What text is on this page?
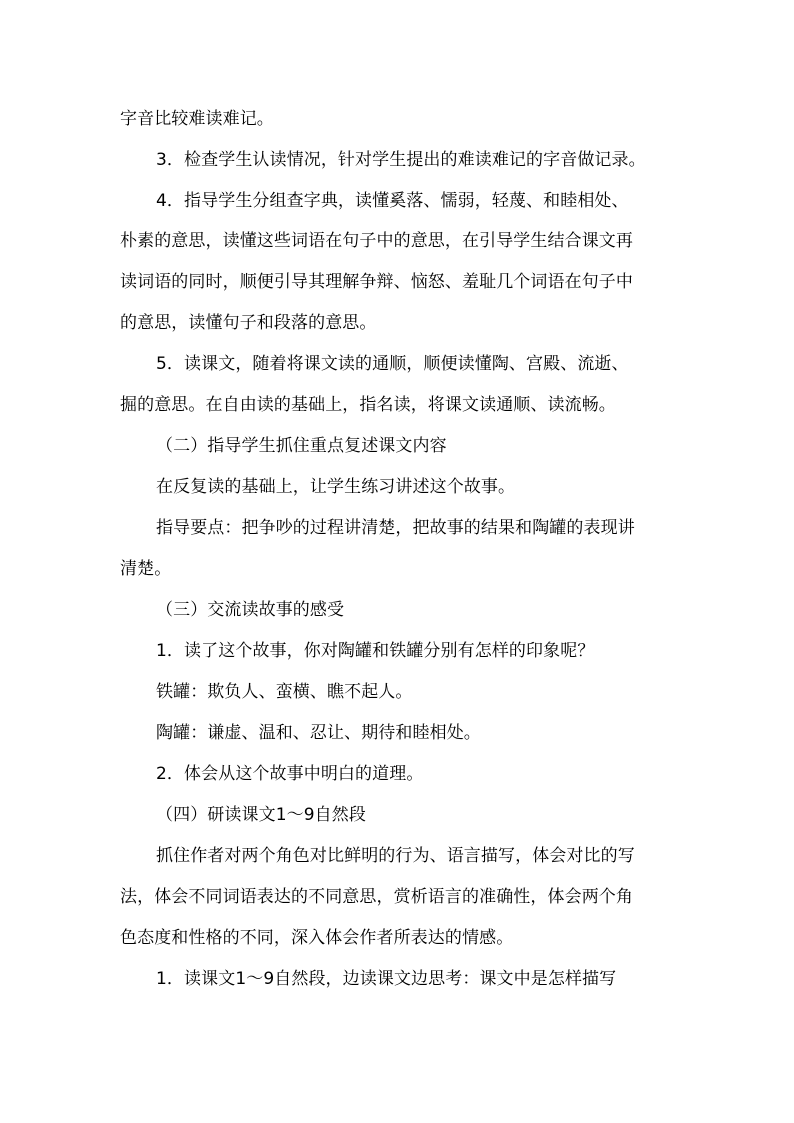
字音比较难读难记。
3．检查学生认读情况，针对学生提出的难读难记的字音做记录。
4．指导学生分组查字典，读懂奚落、懦弱，轻蔑、和睦相处、
朴素的意思，读懂这些词语在句子中的意思，在引导学生结合课文再
读词语的同时，顺便引导其理解争辩、恼怒、羞耻几个词语在句子中
的意思，读懂句子和段落的意思。
5．读课文，随着将课文读的通顺，顺便读懂陶、宫殿、流逝、
掘的意思。在自由读的基础上，指名读，将课文读通顺、读流畅。
（二）指导学生抓住重点复述课文内容
在反复读的基础上，让学生练习讲述这个故事。
指导要点：把争吵的过程讲清楚，把故事的结果和陶罐的表现讲
清楚。
（三）交流读故事的感受
1．读了这个故事，你对陶罐和铁罐分别有怎样的印象呢？
铁罐：欺负人、蛮横、瞧不起人。
陶罐：谦虚、温和、忍让、期待和睦相处。
2．体会从这个故事中明白的道理。
（四）研读课文1～9自然段
抓住作者对两个角色对比鲜明的行为、语言描写，体会对比的写
法，体会不同词语表达的不同意思，赏析语言的准确性，体会两个角
色态度和性格的不同，深入体会作者所表达的情感。
1．读课文1～9自然段，边读课文边思考：课文中是怎样描写
